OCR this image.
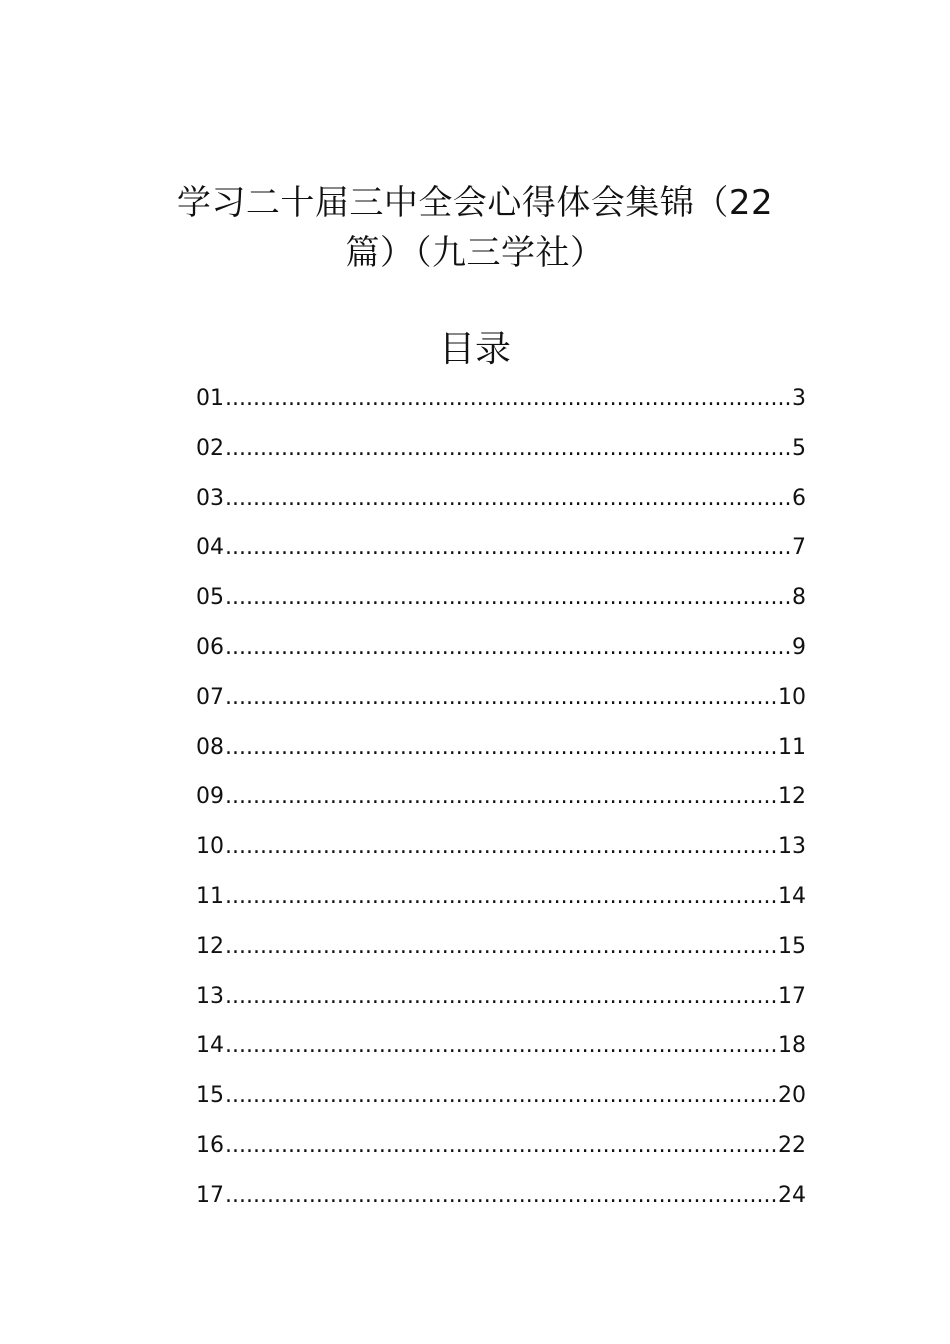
学习二十届三中全会心得体会集锦（22篇）（九三学社）
目录
01 .....	3
02 .....	5
03 .....	6
04 .....	7
05 .....	8
06 .....	9
07 .....	10
08 .....	11
09 .....	12
10 .....	13
11 .....	14
12 .....	15
13 .....	17
14 .....	18
15 .....	20
16 .....	22
17 .....	24
